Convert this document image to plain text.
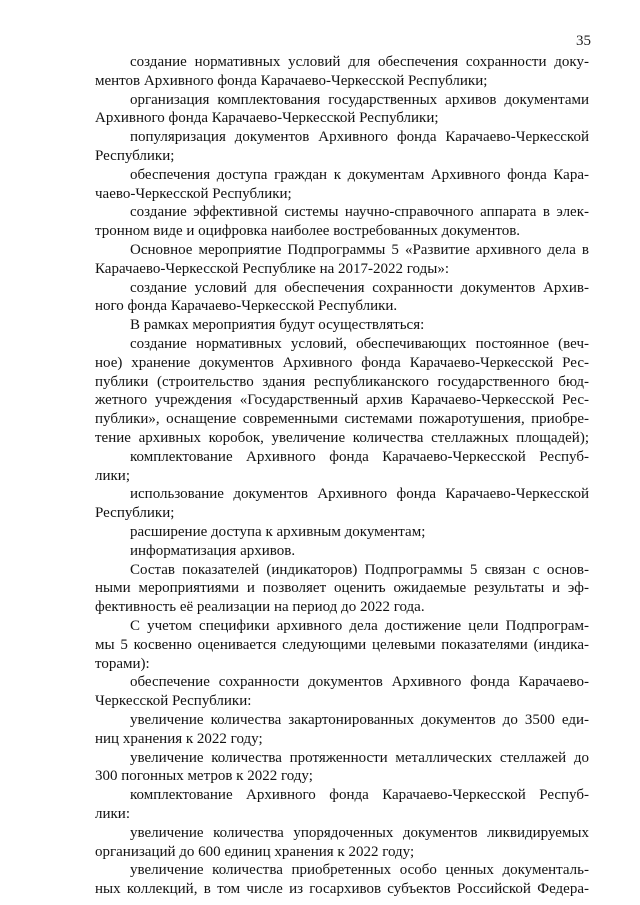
35
создание нормативных условий для обеспечения сохранности доку-
ментов Архивного фонда Карачаево-Черкесской Республики;
организация комплектования государственных архивов документами
Архивного фонда Карачаево-Черкесской Республики;
популяризация документов Архивного фонда Карачаево-Черкесской
Республики;
обеспечения доступа граждан к документам Архивного фонда Кара-
чаево-Черкесской Республики;
создание эффективной системы научно-справочного аппарата в элек-
тронном виде и оцифровка наиболее востребованных документов.
Основное мероприятие Подпрограммы 5 «Развитие архивного дела в
Карачаево-Черкесской Республике на 2017-2022 годы»:
создание условий для обеспечения сохранности документов Архив-
ного фонда Карачаево-Черкесской Республики.
В рамках мероприятия будут осуществляться:
создание нормативных условий, обеспечивающих постоянное (веч-
ное) хранение документов Архивного фонда Карачаево-Черкесской Рес-
публики (строительство здания республиканского государственного бюд-
жетного учреждения «Государственный архив Карачаево-Черкесской Рес-
публики», оснащение современными системами пожаротушения, приобре-
тение архивных коробок, увеличение количества стеллажных площадей);
комплектование Архивного фонда Карачаево-Черкесской Респуб-
лики;
использование документов Архивного фонда Карачаево-Черкесской
Республики;
расширение доступа к архивным документам;
информатизация архивов.
Состав показателей (индикаторов) Подпрограммы 5 связан с основ-
ными мероприятиями и позволяет оценить ожидаемые результаты и эф-
фективность её реализации на период до 2022 года.
С учетом специфики архивного дела достижение цели Подпрограм-
мы 5 косвенно оценивается следующими целевыми показателями (индика-
торами):
обеспечение сохранности документов Архивного фонда Карачаево-
Черкесской Республики:
увеличение количества закартонированных документов до 3500 еди-
ниц хранения к 2022 году;
увеличение количества протяженности металлических стеллажей до
300 погонных метров к 2022 году;
комплектование Архивного фонда Карачаево-Черкесской Респуб-
лики:
увеличение количества упорядоченных документов ликвидируемых
организаций до 600 единиц хранения к 2022 году;
увеличение количества приобретенных особо ценных документаль-
ных коллекций, в том числе из госархивов субъектов Российской Федера-
